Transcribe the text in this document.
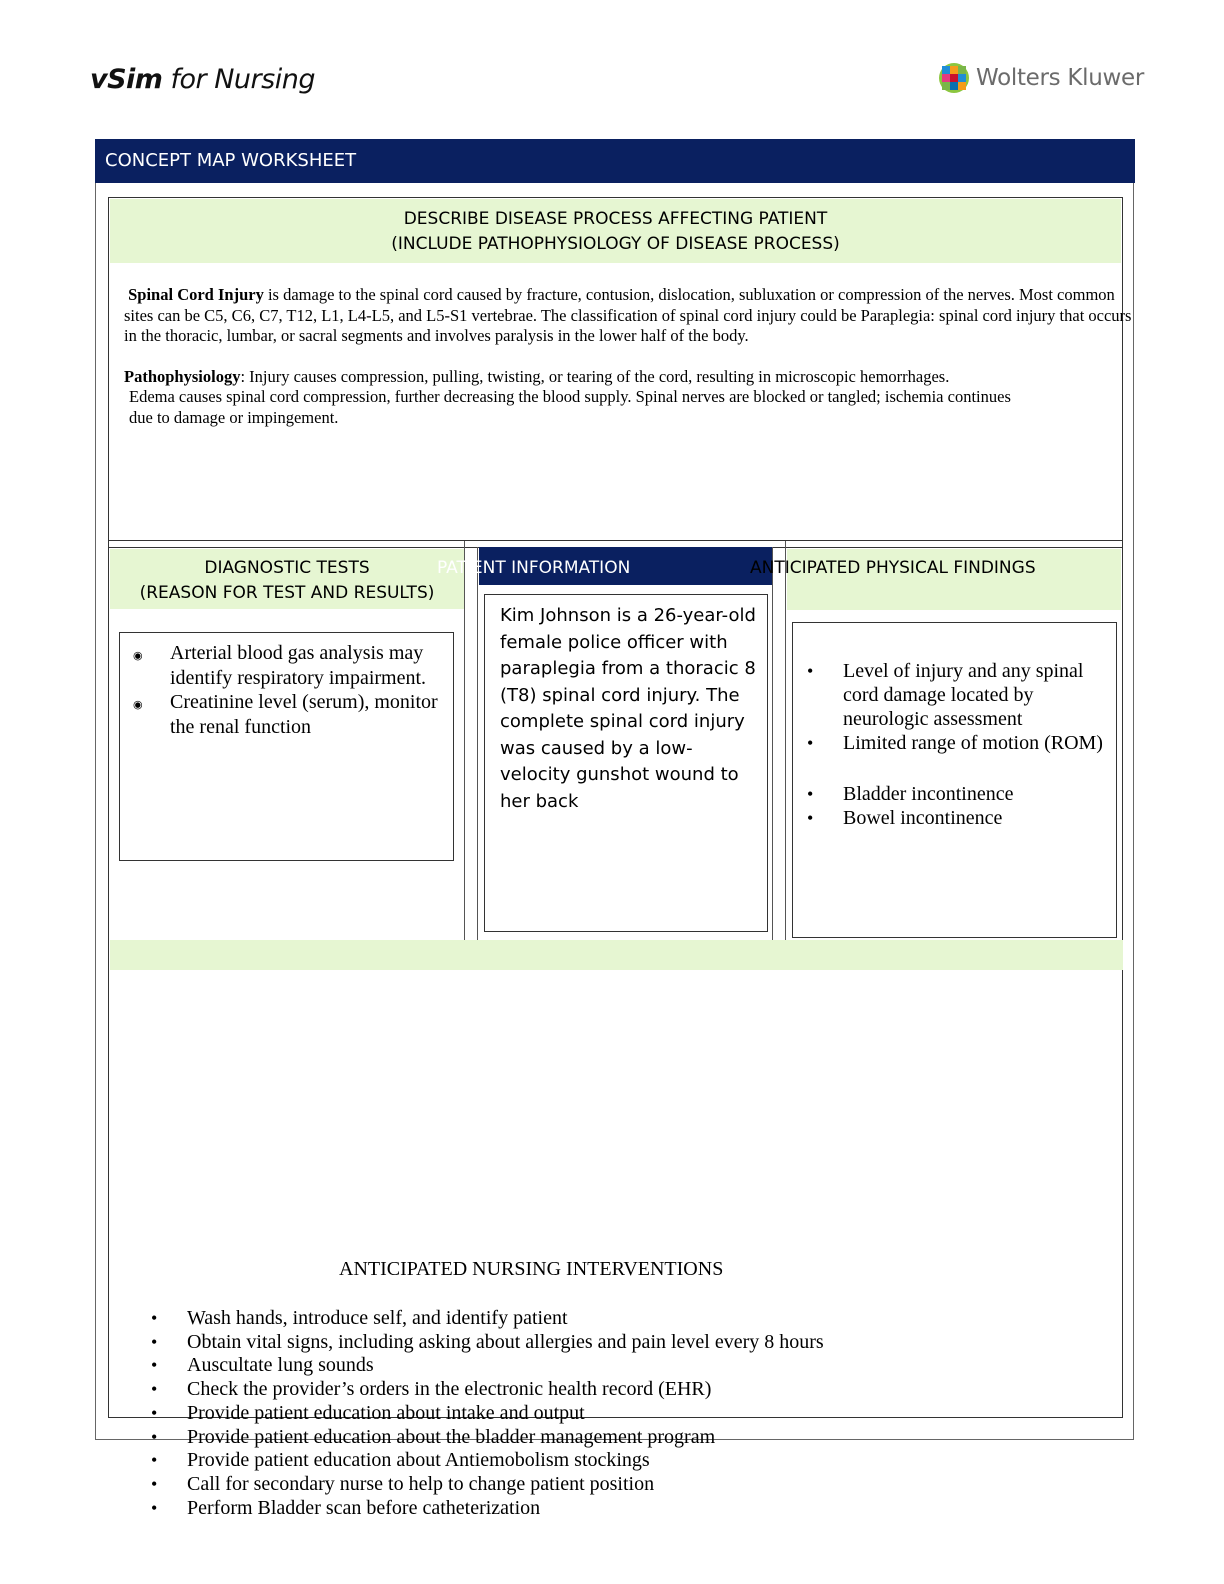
vSim for Nursing	Wolters Kluwer
CONCEPT MAP WORKSHEET
DESCRIBE DISEASE PROCESS AFFECTING PATIENT
(INCLUDE PATHOPHYSIOLOGY OF DISEASE PROCESS)

Spinal Cord Injury is damage to the spinal cord caused by fracture, contusion, dislocation, subluxation or compression of the nerves. Most common sites can be C5, C6, C7, T12, L1, L4-L5, and L5-S1 vertebrae. The classification of spinal cord injury could be Paraplegia: spinal cord injury that occurs in the thoracic, lumbar, or sacral segments and involves paralysis in the lower half of the body.

Pathophysiology: Injury causes compression, pulling, twisting, or tearing of the cord, resulting in microscopic hemorrhages.

Edema causes spinal cord compression, further decreasing the blood supply. Spinal nerves are blocked or tangled; ischemia continues

due to damage or impingement.

DIAGNOSTIC TESTS
(REASON FOR TEST AND RESULTS)
◉ Arterial blood gas analysis may identify respiratory impairment.
◉ Creatinine level (serum), monitor the renal function
PATIENT INFORMATION
Kim Johnson is a 26-year-old female police officer with paraplegia from a thoracic 8 (T8) spinal cord injury. The complete spinal cord injury was caused by a low- velocity gunshot wound to her back
ANTICIPATED PHYSICAL FINDINGS
• Level of injury and any spinal cord damage located by neurologic assessment
• Limited range of motion (ROM)
• Bladder incontinence
• Bowel incontinence
ANTICIPATED NURSING INTERVENTIONS
• Wash hands, introduce self, and identify patient
• Obtain vital signs, including asking about allergies and pain level every 8 hours
• Auscultate lung sounds
• Check the provider’s orders in the electronic health record (EHR)
• Provide patient education about intake and output
• Provide patient education about the bladder management program
• Provide patient education about Antiemobolism stockings
• Call for secondary nurse to help to change patient position
• Perform Bladder scan before catheterization
